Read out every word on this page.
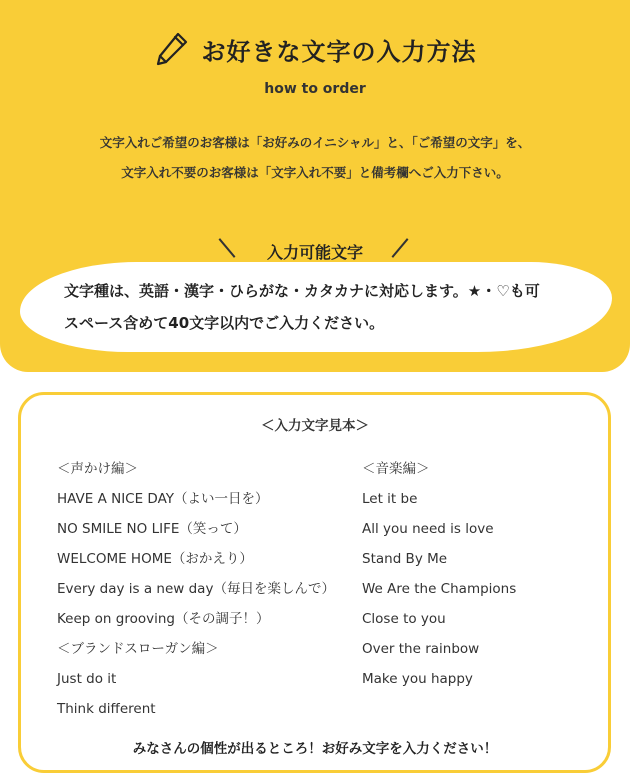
お好きな文字の入力方法
how to order
文字入れご希望のお客様は「お好みのイニシャル」と、「ご希望の文字」を、
文字入れ不要のお客様は「文字入れ不要」と備考欄へご入力下さい。
入力可能文字
文字種は、英語・漢字・ひらがな・カタカナに対応します。★・♡も可
スペース含めて40文字以内でご入力ください。
＜入力文字見本＞
＜声かけ編＞
HAVE A NICE DAY（よい一日を）
NO SMILE NO LIFE（笑って）
WELCOME HOME（おかえり）
Every day is a new day（毎日を楽しんで）
Keep on grooving（その調子！）
＜ブランドスローガン編＞
Just do it
Think different
＜音楽編＞
Let it be
All you need is love
Stand By Me
We Are the Champions
Close to you
Over the rainbow
Make you happy
みなさんの個性が出るところ！お好み文字を入力ください！
